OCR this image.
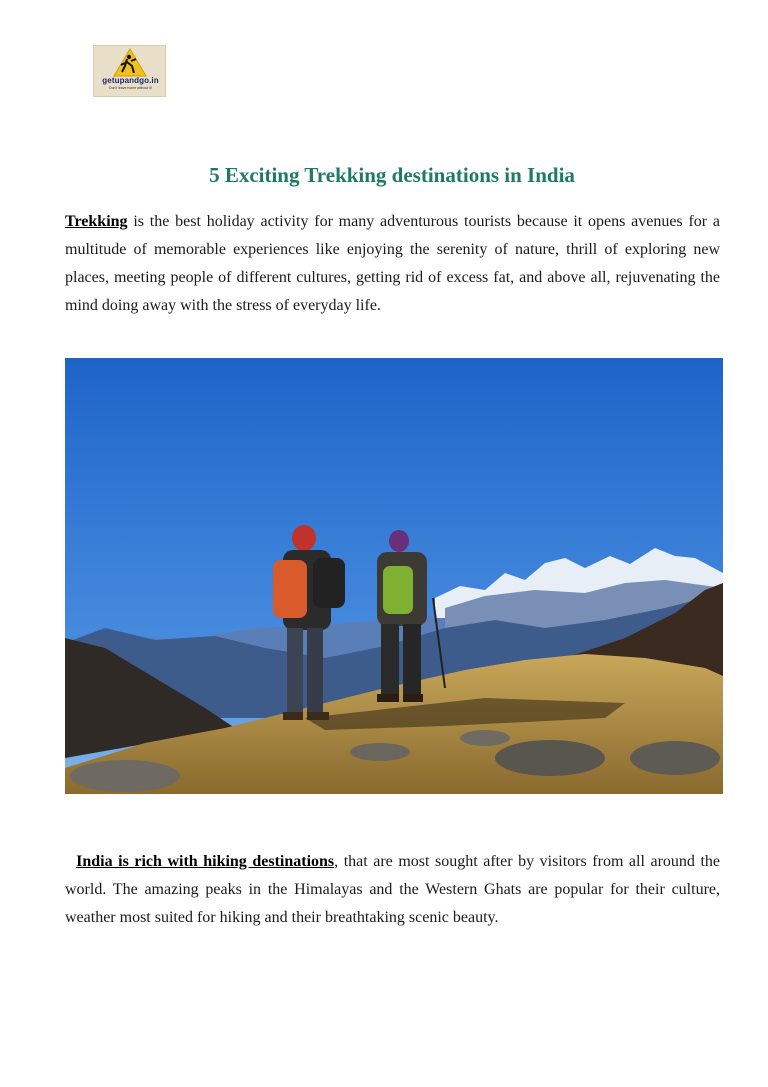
getupandgo.in
Don't leave home without it!
5 Exciting Trekking destinations in India

Trekking is the best holiday activity for many adventurous tourists because it opens avenues for a multitude of memorable experiences like enjoying the serenity of nature, thrill of exploring new places, meeting people of different cultures, getting rid of excess fat, and above all, rejuvenating the mind doing away with the stress of everyday life.

India is rich with hiking destinations, that are most sought after by visitors from all around the world. The amazing peaks in the Himalayas and the Western Ghats are popular for their culture, weather most suited for hiking and their breathtaking scenic beauty.
